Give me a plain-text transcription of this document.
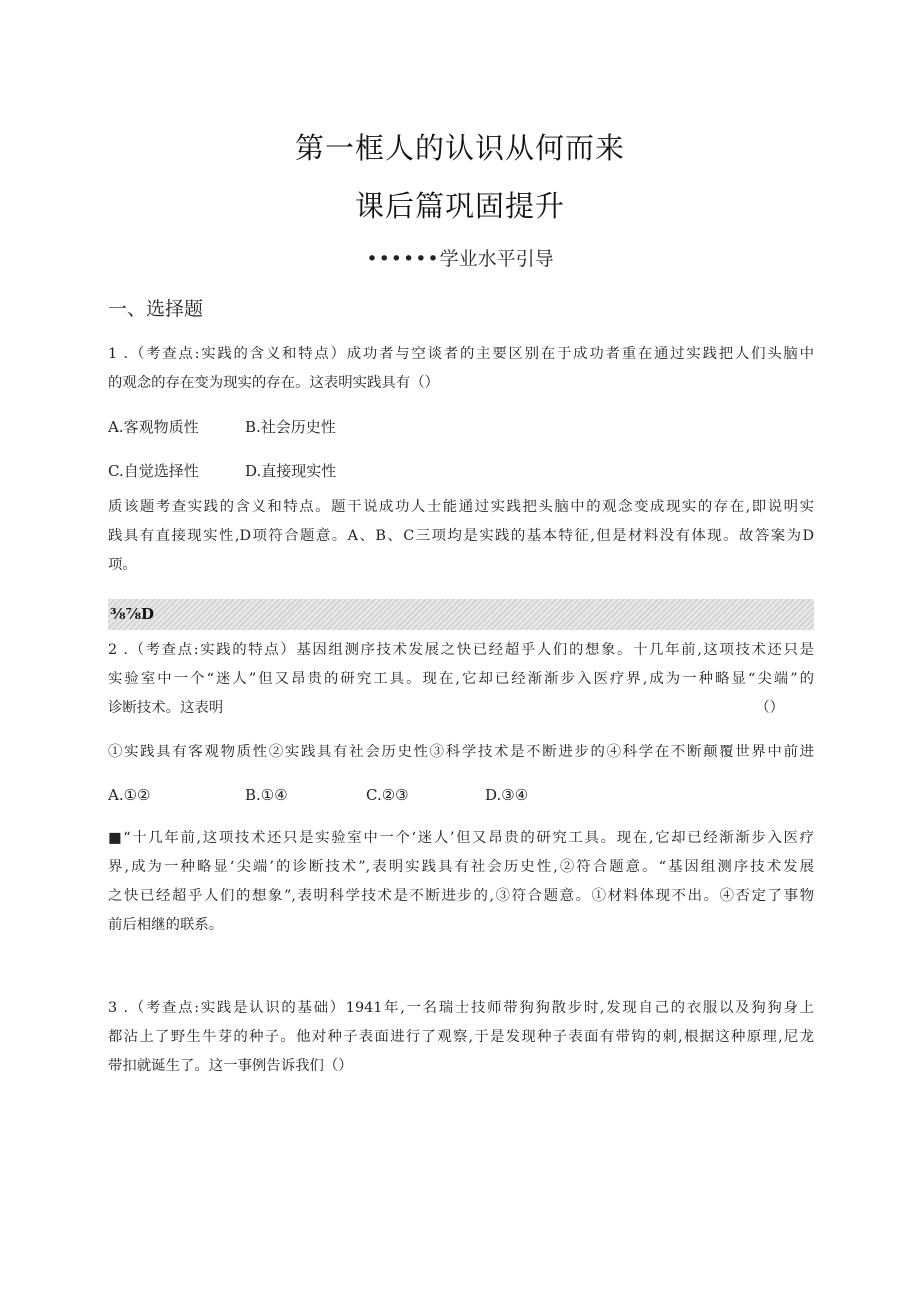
第一框人的认识从何而来
课后篇巩固提升
••••••学业水平引导
一、选择题
1 .（考查点:实践的含义和特点）成功者与空谈者的主要区别在于成功者重在通过实践把人们头脑中
的观念的存在变为现实的存在。这表明实践具有（）
A.客观物质性	B.社会历史性
C.自觉选择性	D.直接现实性
质该题考查实践的含义和特点。题干说成功人士能通过实践把头脑中的观念变成现实的存在,即说明实
践具有直接现实性,D项符合题意。A、B、C三项均是实践的基本特征,但是材料没有体现。故答案为D
项。
⅜⅞D
2 .（考查点:实践的特点）基因组测序技术发展之快已经超乎人们的想象。十几年前,这项技术还只是
实验室中一个“迷人”但又昂贵的研究工具。现在,它却已经渐渐步入医疗界,成为一种略显“尖端”的
诊断技术。这表明	（）
①实践具有客观物质性②实践具有社会历史性③科学技术是不断进步的④科学在不断颠覆世界中前进
A.①②	B.①④	C.②③	D.③④
■“十几年前,这项技术还只是实验室中一个‘迷人’但又昂贵的研究工具。现在,它却已经渐渐步入医疗
界,成为一种略显‘尖端’的诊断技术”,表明实践具有社会历史性,②符合题意。“基因组测序技术发展
之快已经超乎人们的想象”,表明科学技术是不断进步的,③符合题意。①材料体现不出。④否定了事物
前后相继的联系。
3 .（考查点:实践是认识的基础）1941年,一名瑞士技师带狗狗散步时,发现自己的衣服以及狗狗身上
都沾上了野生牛芽的种子。他对种子表面进行了观察,于是发现种子表面有带钩的刺,根据这种原理,尼龙
带扣就诞生了。这一事例告诉我们（）
